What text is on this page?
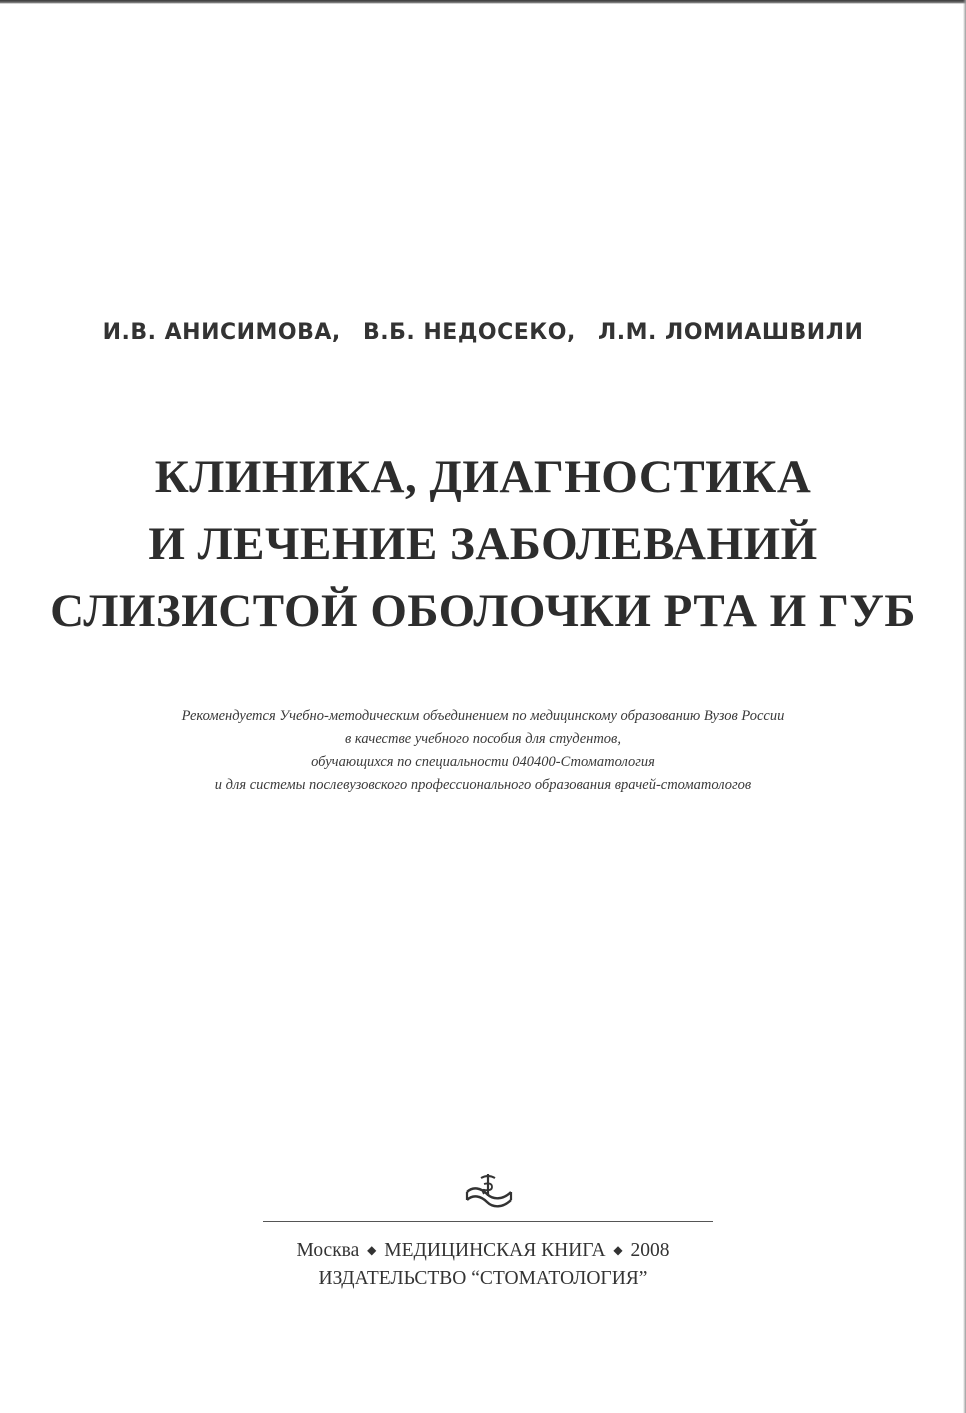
И.В. АНИСИМОВА, В.Б. НЕДОСЕКО, Л.М. ЛОМИАШВИЛИ
КЛИНИКА, ДИАГНОСТИКА
И ЛЕЧЕНИЕ ЗАБОЛЕВАНИЙ
СЛИЗИСТОЙ ОБОЛОЧКИ РТА И ГУБ
Рекомендуется Учебно-методическим объединением по медицинскому образованию Вузов России
в качестве учебного пособия для студентов,
обучающихся по специальности 040400-Стоматология
и для системы послевузовского профессионального образования врачей-стоматологов
Москва ◆ МЕДИЦИНСКАЯ КНИГА ◆ 2008
ИЗДАТЕЛЬСТВО “СТОМАТОЛОГИЯ”
